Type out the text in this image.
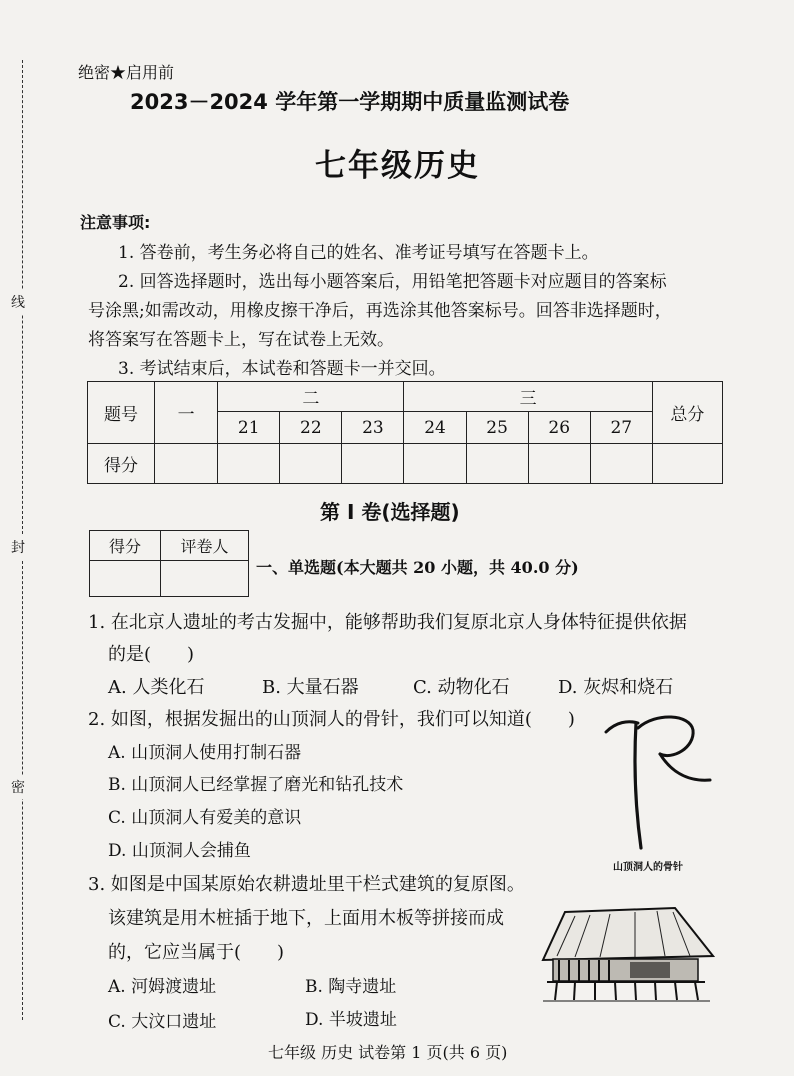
线
封
密
绝密★启用前
2023－2024 学年第一学期期中质量监测试卷
七年级历史
注意事项:
1. 答卷前，考生务必将自己的姓名、准考证号填写在答题卡上。
2. 回答选择题时，选出每小题答案后，用铅笔把答题卡对应题目的答案标
号涂黑;如需改动，用橡皮擦干净后，再选涂其他答案标号。回答非选择题时，
将答案写在答题卡上，写在试卷上无效。
3. 考试结束后，本试卷和答题卡一并交回。
题号	一	二			三				总分
		21	22	23	24	25	26	27	
得分									
第 I 卷(选择题)
得分	评卷人

一、单选题(本大题共 20 小题，共 40.0 分)
1. 在北京人遗址的考古发掘中，能够帮助我们复原北京人身体特征提供依据
的是(　　)
A. 人类化石	B. 大量石器	C. 动物化石	D. 灰烬和烧石
2. 如图，根据发掘出的山顶洞人的骨针，我们可以知道(　　)
A. 山顶洞人使用打制石器
B. 山顶洞人已经掌握了磨光和钻孔技术
C. 山顶洞人有爱美的意识
D. 山顶洞人会捕鱼
山顶洞人的骨针
3. 如图是中国某原始农耕遗址里干栏式建筑的复原图。
该建筑是用木桩插于地下，上面用木板等拼接而成
的，它应当属于(　　)
A. 河姆渡遗址	B. 陶寺遗址
C. 大汶口遗址	D. 半坡遗址
七年级 历史 试卷第 1 页(共 6 页)
